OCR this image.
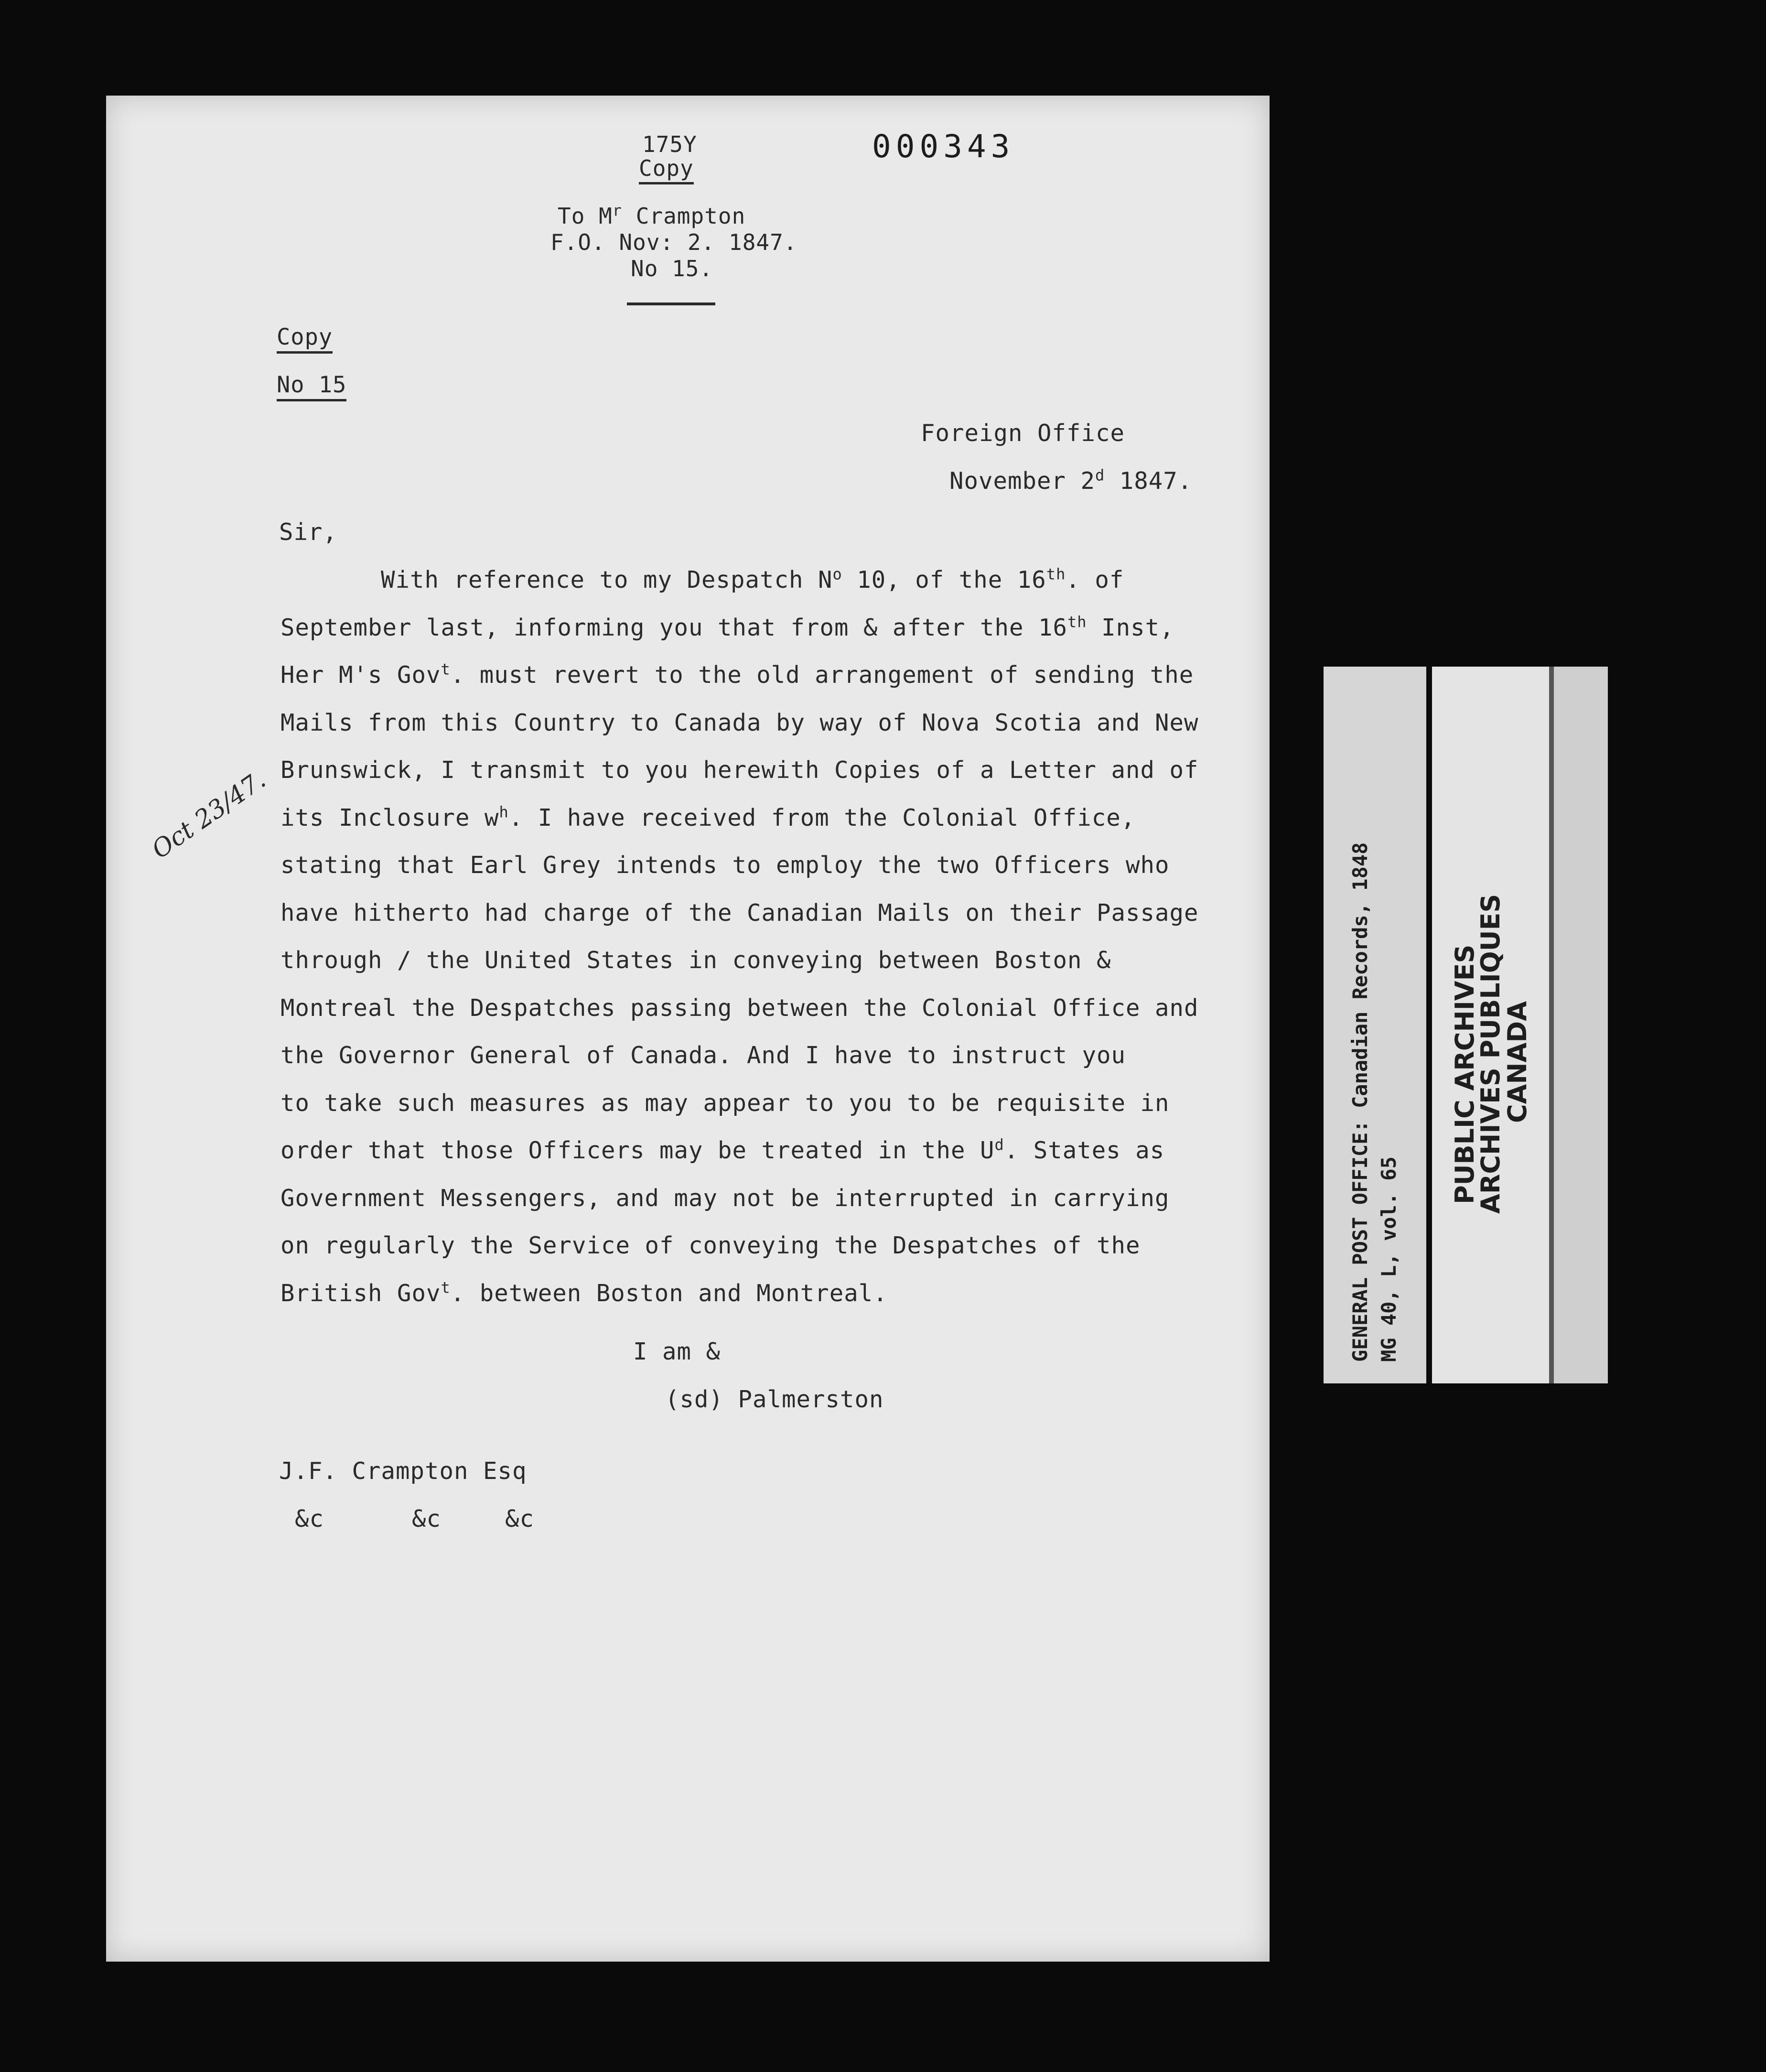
175Y
Copy
000343
To $M^r$ Crampton
F.O. Nov: 2. 1847.
No 15.
Copy
No 15
Foreign Office
November 2$^d$ 1847.
Sir,
With reference to my Despatch $N^o$ 10, of the 16th. of
September last, informing you that from & after the 16th Inst,
Her M's Gov$^t$. must revert to the old arrangement of sending the
Mails from this Country to Canada by way of Nova Scotia and New
Brunswick, I transmit to you herewith Copies of a Letter and of
its Inclosure $w^h$. I have received from the Colonial Office,
stating that Earl Grey intends to employ the two Officers who
have hitherto had charge of the Canadian Mails on their Passage
through / the United States in conveying between Boston &
Montreal the Despatches passing between the Colonial Office and
the Governor General of Canada. And I have to instruct you
to take such measures as may appear to you to be requisite in
order that those Officers may be treated in the $U^d$. States as
Government Messengers, and may not be interrupted in carrying
on regularly the Service of conveying the Despatches of the
British Gov$^t$. between Boston and Montreal.
I am &
(sd) Palmerston
J.F. Crampton Esq
&c	&c	&c
Oct 23/47.
GENERAL POST OFFICE: Canadian Records, 1848 MG 40, L, vol. 65
PUBLIC ARCHIVES
ARCHIVES PUBLIQUES
CANADA
